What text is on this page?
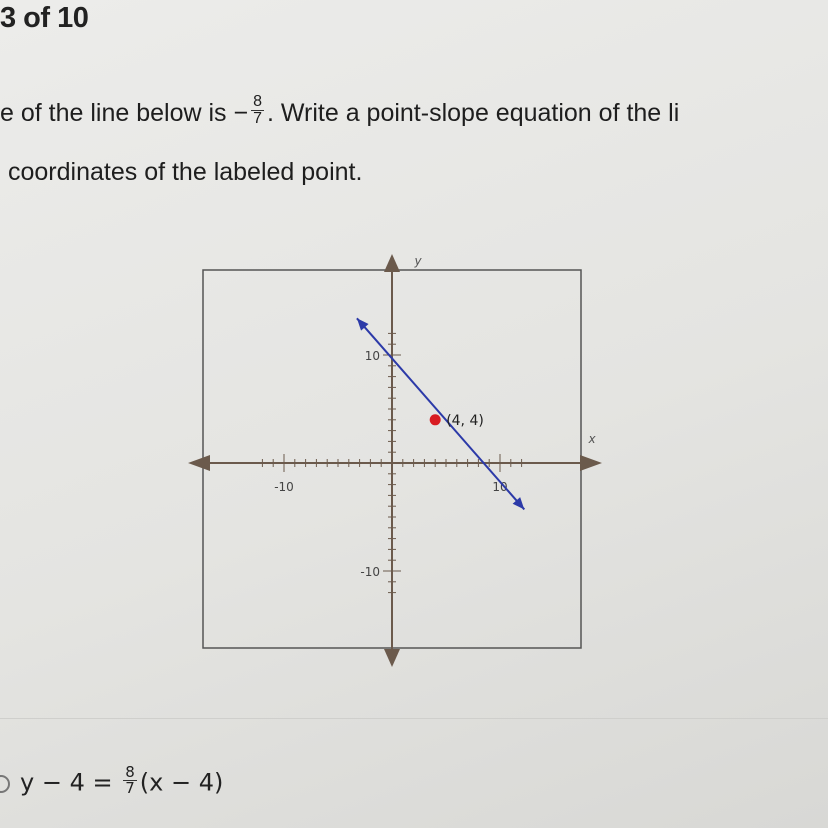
3 of 10
e of the line below is − $\frac{8}{7}$ . Write a point-slope equation of the li
coordinates of the labeled point.
-10	10
10
-10
x
y
(4, 4)
$y - 4 = \frac{8}{7} (x - 4)$
